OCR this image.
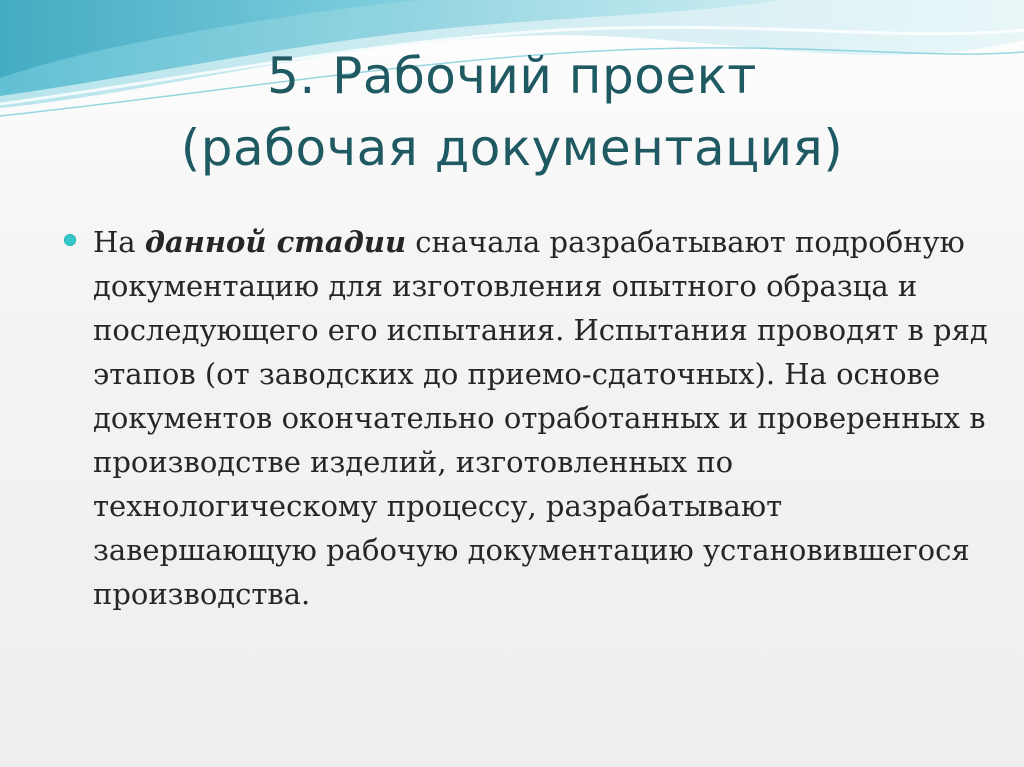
5. Рабочий проект
(рабочая документация)
На данной стадии сначала разрабатывают подробную документацию для изготовления опытного образца и последующего его испытания. Испытания проводят в ряд этапов (от заводских до приемо-сдаточных). На основе документов окончательно отработанных и проверенных в производстве изделий, изготовленных по технологическому процессу, разрабатывают завершающую рабочую документацию установившегося производства.
